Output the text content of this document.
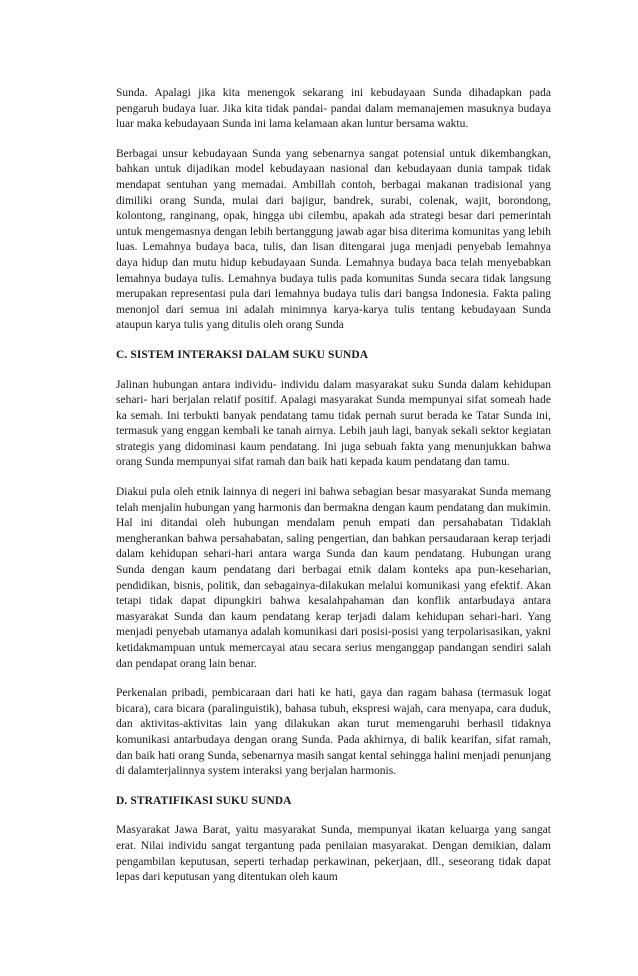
Sunda. Apalagi jika kita menengok sekarang ini kebudayaan Sunda dihadapkan pada pengaruh budaya luar. Jika kita tidak pandai- pandai dalam memanajemen masuknya budaya luar maka kebudayaan Sunda ini lama kelamaan akan luntur bersama waktu.

Berbagai unsur kebudayaan Sunda yang sebenarnya sangat potensial untuk dikembangkan, bahkan untuk dijadikan model kebudayaan nasional dan kebudayaan dunia tampak tidak mendapat sentuhan yang memadai. Ambillah contoh, berbagai makanan tradisional yang dimiliki orang Sunda, mulai dari bajigur, bandrek, surabi, colenak, wajit, borondong, kolontong, ranginang, opak, hingga ubi cilembu, apakah ada strategi besar dari pemerintah untuk mengemasnya dengan lebih bertanggung jawab agar bisa diterima komunitas yang lebih luas. Lemahnya budaya baca, tulis, dan lisan ditengarai juga menjadi penyebab lemahnya daya hidup dan mutu hidup kebudayaan Sunda. Lemahnya budaya baca telah menyebabkan lemahnya budaya tulis. Lemahnya budaya tulis pada komunitas Sunda secara tidak langsung merupakan representasi pula dari lemahnya budaya tulis dari bangsa Indonesia. Fakta paling menonjol dari semua ini adalah minimnya karya-karya tulis tentang kebudayaan Sunda ataupun karya tulis yang ditulis oleh orang Sunda

C. SISTEM INTERAKSI DALAM SUKU SUNDA

Jalinan hubungan antara individu- individu dalam masyarakat suku Sunda dalam kehidupan sehari- hari berjalan relatif positif. Apalagi masyarakat Sunda mempunyai sifat someah hade ka semah. Ini terbukti banyak pendatang tamu tidak pernah surut berada ke Tatar Sunda ini, termasuk yang enggan kembali ke tanah airnya. Lebih jauh lagi, banyak sekali sektor kegiatan strategis yang didominasi kaum pendatang. Ini juga sebuah fakta yang menunjukkan bahwa orang Sunda mempunyai sifat ramah dan baik hati kepada kaum pendatang dan tamu.

Diakui pula oleh etnik lainnya di negeri ini bahwa sebagian besar masyarakat Sunda memang telah menjalin hubungan yang harmonis dan bermakna dengan kaum pendatang dan mukimin. Hal ini ditandai oleh hubungan mendalam penuh empati dan persahabatan Tidaklah mengherankan bahwa persahabatan, saling pengertian, dan bahkan persaudaraan kerap terjadi dalam kehidupan sehari-hari antara warga Sunda dan kaum pendatang. Hubungan urang Sunda dengan kaum pendatang dari berbagai etnik dalam konteks apa pun-keseharian, pendidikan, bisnis, politik, dan sebagainya-dilakukan melalui komunikasi yang efektif. Akan tetapi tidak dapat dipungkiri bahwa kesalahpahaman dan konflik antarbudaya antara masyarakat Sunda dan kaum pendatang kerap terjadi dalam kehidupan sehari-hari. Yang menjadi penyebab utamanya adalah komunikasi dari posisi-posisi yang terpolarisasikan, yakni ketidakmampuan untuk memercayai atau secara serius menganggap pandangan sendiri salah dan pendapat orang lain benar.

Perkenalan pribadi, pembicaraan dari hati ke hati, gaya dan ragam bahasa (termasuk logat bicara), cara bicara (paralinguistik), bahasa tubuh, ekspresi wajah, cara menyapa, cara duduk, dan aktivitas-aktivitas lain yang dilakukan akan turut memengaruhi berhasil tidaknya komunikasi antarbudaya dengan orang Sunda. Pada akhirnya, di balik kearifan, sifat ramah, dan baik hati orang Sunda, sebenarnya masih sangat kental sehingga halini menjadi penunjang di dalamterjalinnya system interaksi yang berjalan harmonis.

D. STRATIFIKASI SUKU SUNDA

Masyarakat Jawa Barat, yaitu masyarakat Sunda, mempunyai ikatan keluarga yang sangat erat. Nilai individu sangat tergantung pada penilaian masyarakat. Dengan demikian, dalam pengambilan keputusan, seperti terhadap perkawinan, pekerjaan, dll., seseorang tidak dapat lepas dari keputusan yang ditentukan oleh kaum
